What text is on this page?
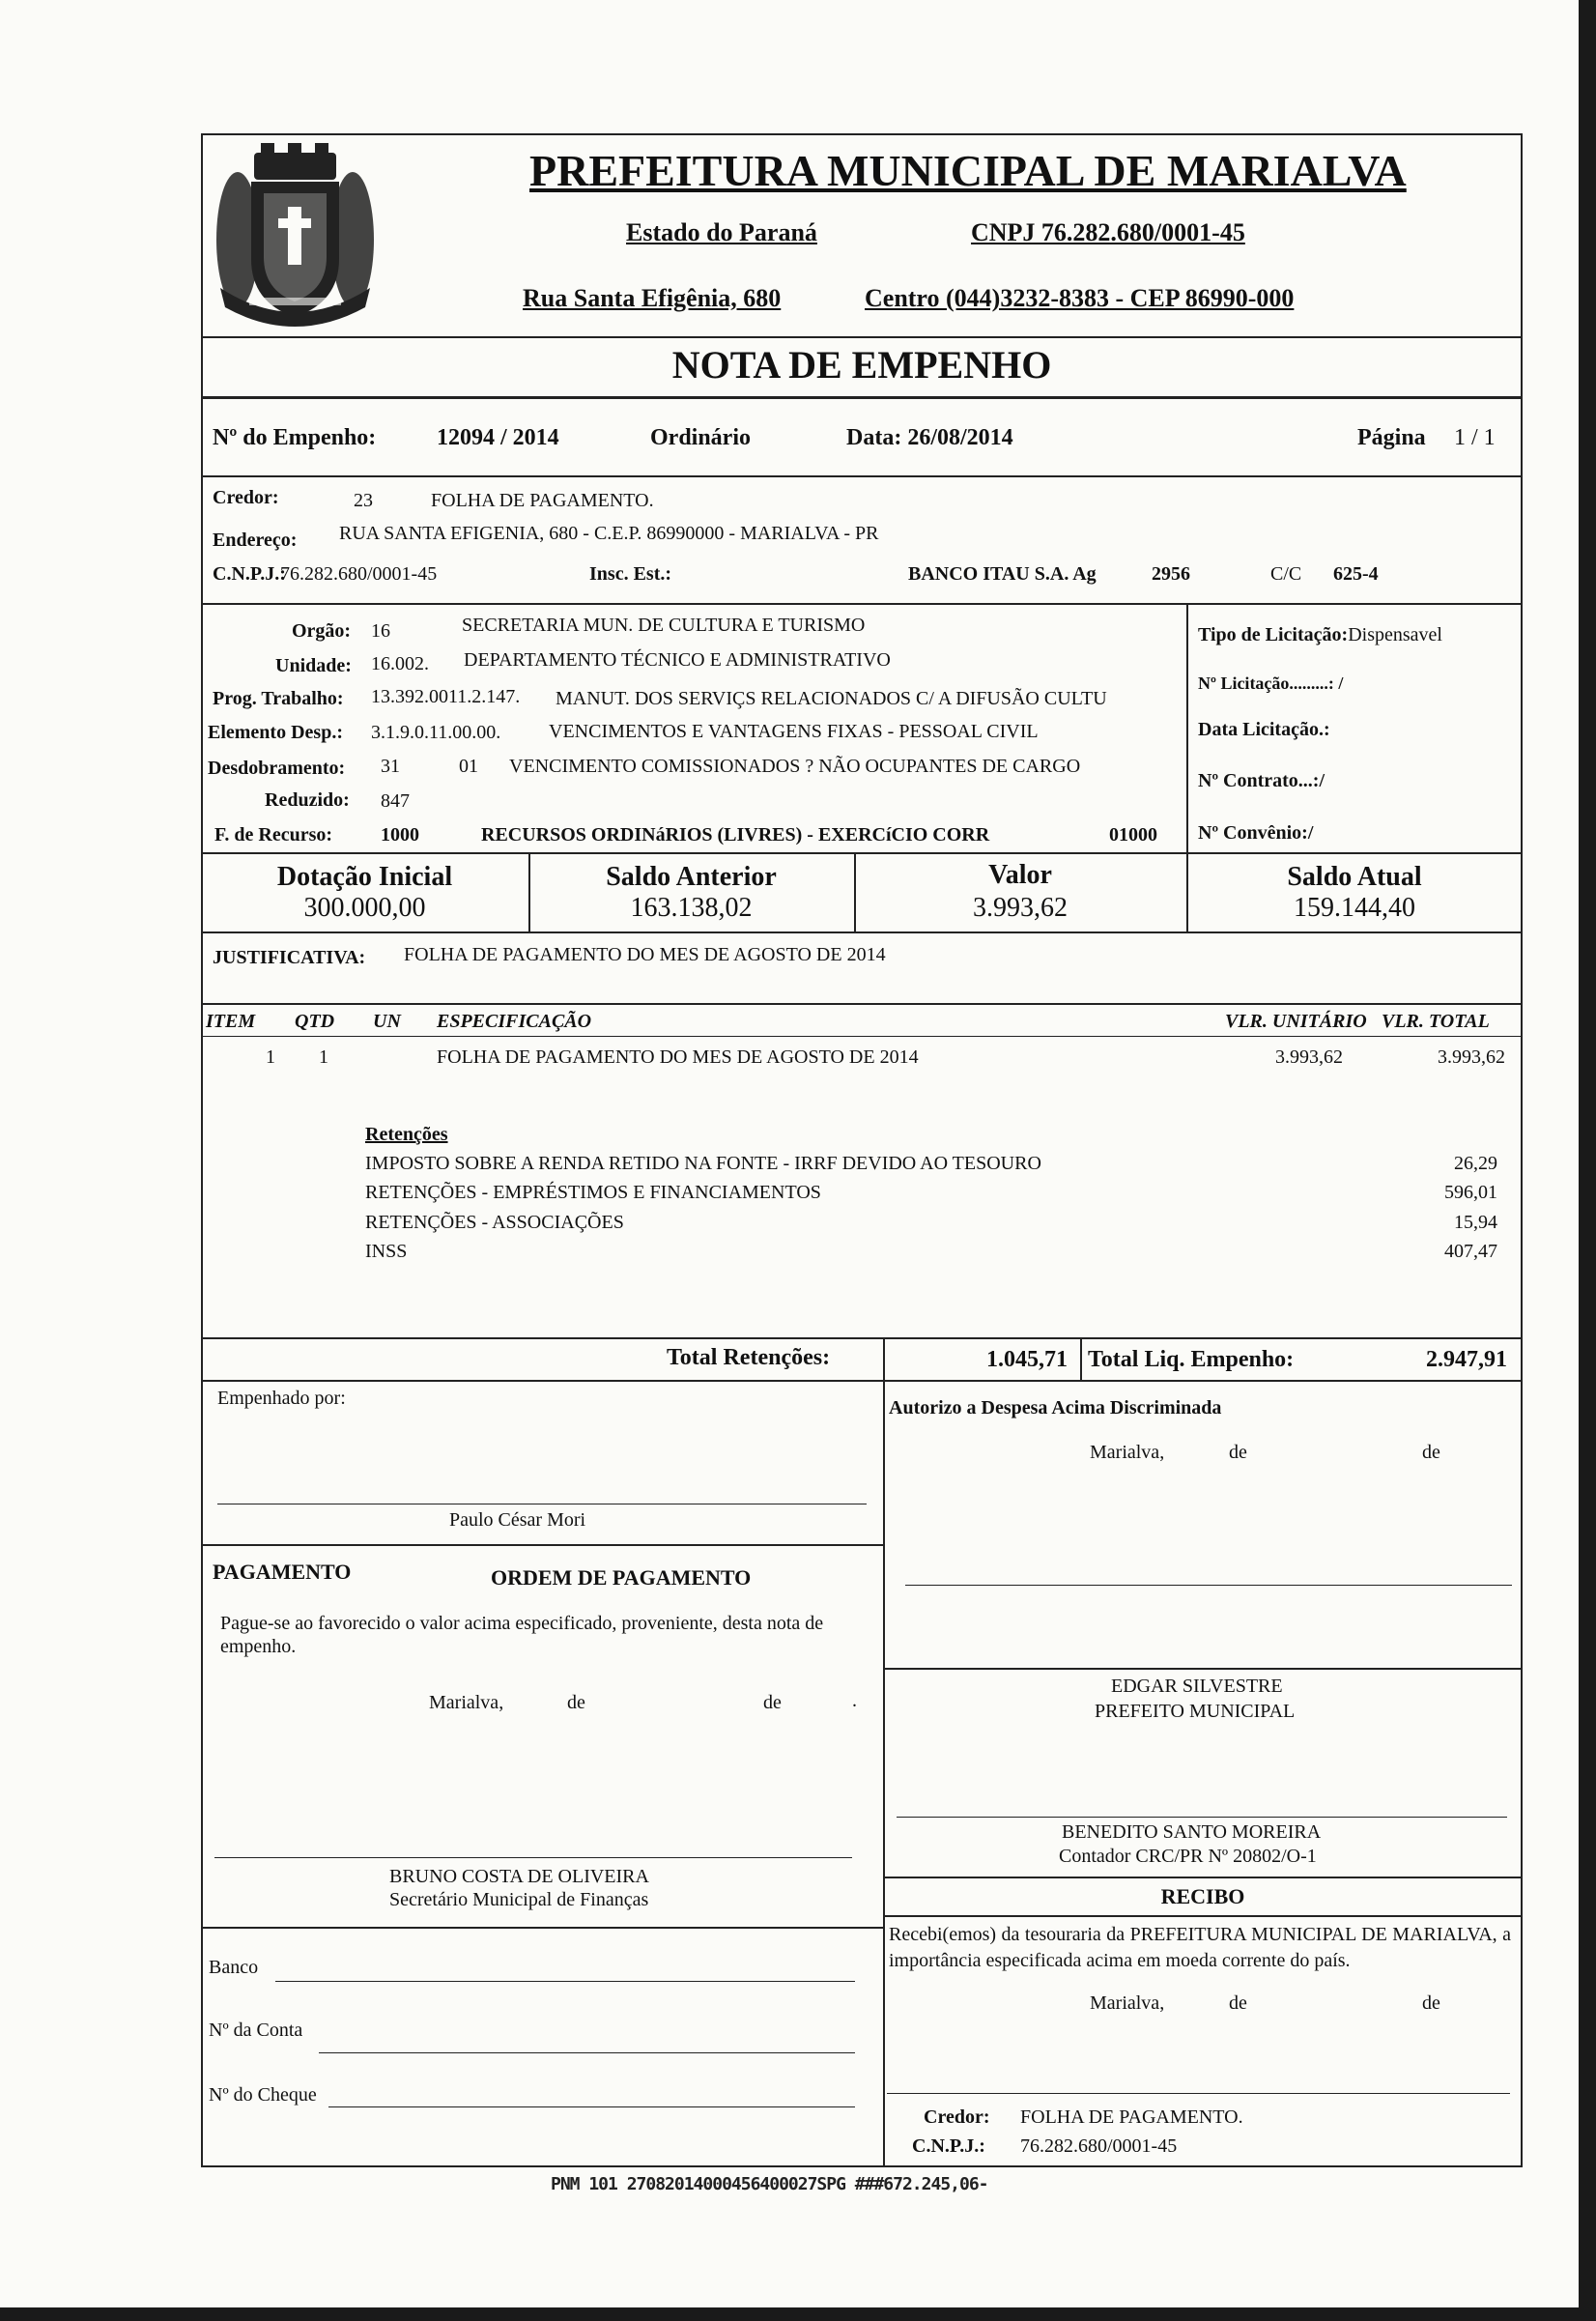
PREFEITURA MUNICIPAL DE MARIALVA
Estado do Paraná	CNPJ 76.282.680/0001-45
Rua Santa Efigênia, 680	Centro (044)3232-8383 - CEP 86990-000
NOTA DE EMPENHO
Nº do Empenho:	12094 / 2014	Ordinário	Data: 26/08/2014	Página 1 / 1
Credor:	23	FOLHA DE PAGAMENTO.
Endereço: RUA SANTA EFIGENIA, 680 - C.E.P. 86990000 - MARIALVA - PR
C.N.P.J.:
76.282.680/0001-45	Insc. Est.:	BANCO ITAU S.A. Ag	2956	C/C 625-4
Orgão: 16	SECRETARIA MUN. DE CULTURA E TURISMO
Unidade: 16.002. DEPARTAMENTO TÉCNICO E ADMINISTRATIVO
Prog. Trabalho: 13.392.0011.2.147. MANUT. DOS SERVIÇS RELACIONADOS C/ A DIFUSÃO CULTU
Elemento Desp.: 3.1.9.0.11.00.00. VENCIMENTOS E VANTAGENS FIXAS - PESSOAL CIVIL
Desdobramento: 31	01 VENCIMENTO COMISSIONADOS ? NÃO OCUPANTES DE CARGO
Reduzido: 847
F. de Recurso: 1000	RECURSOS ORDINáRIOS (LIVRES) - EXERCíCIO CORR	01000
Tipo de Licitação:Dispensavel
Nº Licitação.........: /
Data Licitação.:
Nº Contrato...:/
Nº Convênio:/
Dotação Inicial
300.000,00
Saldo Anterior
163.138,02
Valor
3.993,62
Saldo Atual
159.144,40
JUSTIFICATIVA: FOLHA DE PAGAMENTO DO MES DE AGOSTO DE 2014
ITEM QTD UN ESPECIFICAÇÃO	VLR. UNITÁRIO VLR. TOTAL
1 1	FOLHA DE PAGAMENTO DO MES DE AGOSTO DE 2014	3.993,62	3.993,62
Retenções
IMPOSTO SOBRE A RENDA RETIDO NA FONTE - IRRF DEVIDO AO TESOURO	26,29
RETENÇÕES - EMPRÉSTIMOS E FINANCIAMENTOS	596,01
RETENÇÕES - ASSOCIAÇÕES	15,94
INSS	407,47
Total Retenções:	1.045,71 Total Liq. Empenho:	2.947,91
Empenhado por:
Paulo César Mori
PAGAMENTO	ORDEM DE PAGAMENTO
Pague-se ao favorecido o valor acima especificado, proveniente, desta nota de empenho.
Marialva,	de	de	.
BRUNO COSTA DE OLIVEIRA
Secretário Municipal de Finanças
Banco
Nº da Conta
Nº do Cheque
Autorizo a Despesa Acima Discriminada
Marialva,	de	de
EDGAR SILVESTRE
PREFEITO MUNICIPAL
BENEDITO SANTO MOREIRA
Contador CRC/PR Nº 20802/O-1
RECIBO
Recebi(emos) da tesouraria da PREFEITURA MUNICIPAL DE MARIALVA, a importância especificada acima em moeda corrente do país.
Marialva,	de	de
Credor: FOLHA DE PAGAMENTO.
C.N.P.J.: 76.282.680/0001-45
PNM 101 27082014000456400027SPG ###672.245,06-
